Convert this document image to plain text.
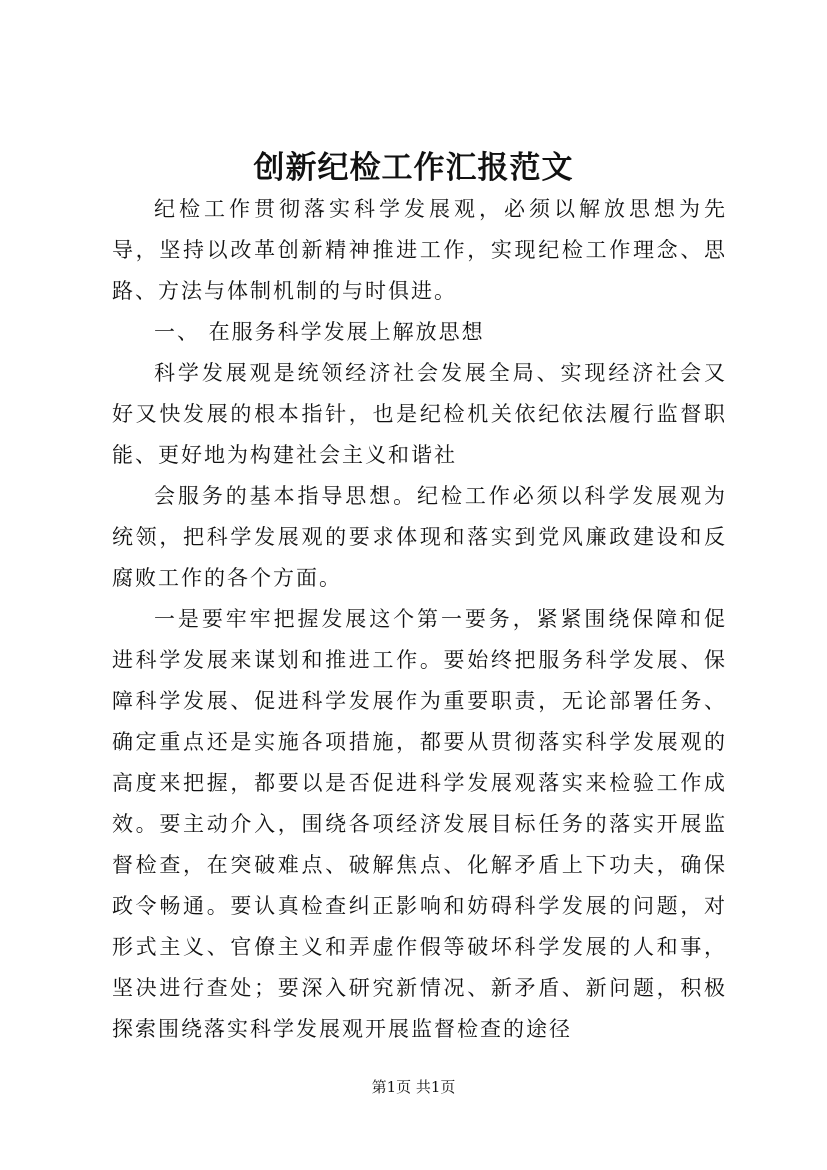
创新纪检工作汇报范文

纪检工作贯彻落实科学发展观，必须以解放思想为先导，坚持以改革创新精神推进工作，实现纪检工作理念、思路、方法与体制机制的与时俱进。

一、 在服务科学发展上解放思想

科学发展观是统领经济社会发展全局、实现经济社会又好又快发展的根本指针，也是纪检机关依纪依法履行监督职能、更好地为构建社会主义和谐社

会服务的基本指导思想。纪检工作必须以科学发展观为统领，把科学发展观的要求体现和落实到党风廉政建设和反腐败工作的各个方面。

一是要牢牢把握发展这个第一要务，紧紧围绕保障和促进科学发展来谋划和推进工作。要始终把服务科学发展、保障科学发展、促进科学发展作为重要职责，无论部署任务、确定重点还是实施各项措施，都要从贯彻落实科学发展观的高度来把握，都要以是否促进科学发展观落实来检验工作成效。要主动介入，围绕各项经济发展目标任务的落实开展监督检查，在突破难点、破解焦点、化解矛盾上下功夫，确保政令畅通。要认真检查纠正影响和妨碍科学发展的问题，对形式主义、官僚主义和弄虚作假等破坏科学发展的人和事，坚决进行查处；要深入研究新情况、新矛盾、新问题，积极探索围绕落实科学发展观开展监督检查的途径

第1页 共1页
